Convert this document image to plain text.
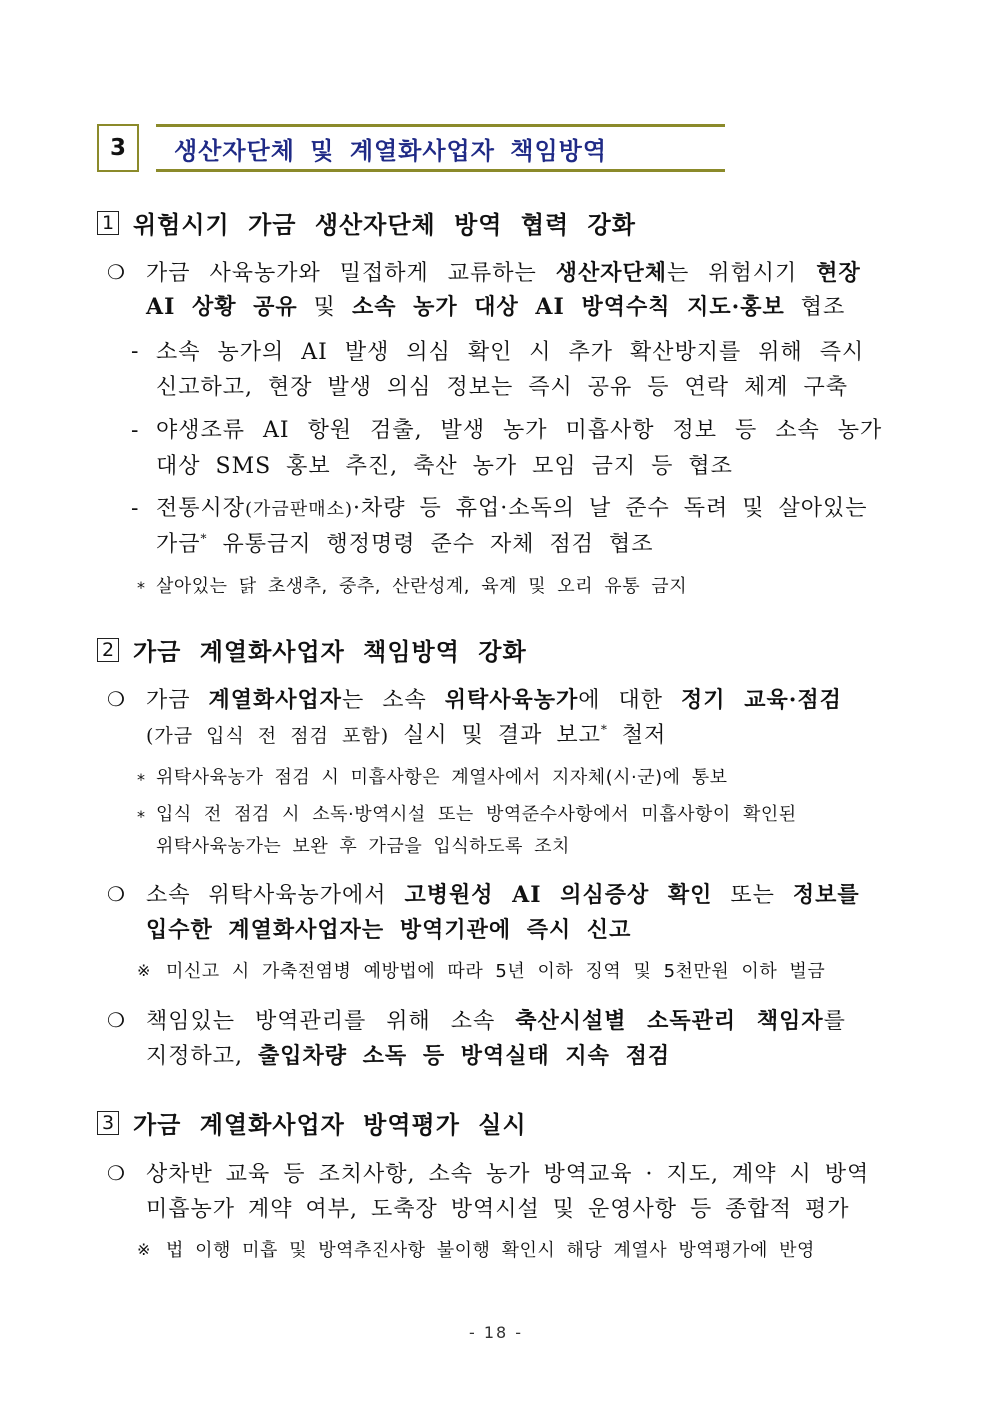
3	생산자단체 및 계열화사업자 책임방역
1 위험시기 가금 생산자단체 방역 협력 강화
❍ 가금 사육농가와 밀접하게 교류하는 생산자단체는 위험시기 현장
AI 상황 공유 및 소속 농가 대상 AI 방역수칙 지도·홍보 협조
- 소속 농가의 AI 발생 의심 확인 시 추가 확산방지를 위해 즉시
신고하고, 현장 발생 의심 정보는 즉시 공유 등 연락 체계 구축
- 야생조류 AI 항원 검출, 발생 농가 미흡사항 정보 등 소속 농가
대상 SMS 홍보 추진, 축산 농가 모임 금지 등 협조
- 전통시장(가금판매소)·차량 등 휴업·소독의 날 준수 독려 및 살아있는
가금* 유통금지 행정명령 준수 자체 점검 협조
* 살아있는 닭 초생추, 중추, 산란성계, 육계 및 오리 유통 금지
2 가금 계열화사업자 책임방역 강화
❍ 가금 계열화사업자는 소속 위탁사육농가에 대한 정기 교육·점검
(가금 입식 전 점검 포함) 실시 및 결과 보고* 철저
* 위탁사육농가 점검 시 미흡사항은 계열사에서 지자체(시·군)에 통보
* 입식 전 점검 시 소독·방역시설 또는 방역준수사항에서 미흡사항이 확인된
위탁사육농가는 보완 후 가금을 입식하도록 조치
❍ 소속 위탁사육농가에서 고병원성 AI 의심증상 확인 또는 정보를
입수한 계열화사업자는 방역기관에 즉시 신고
※ 미신고 시 가축전염병 예방법에 따라 5년 이하 징역 및 5천만원 이하 벌금
❍ 책임있는 방역관리를 위해 소속 축산시설별 소독관리 책임자를
지정하고, 출입차량 소독 등 방역실태 지속 점검
3 가금 계열화사업자 방역평가 실시
❍ 상차반 교육 등 조치사항, 소속 농가 방역교육 · 지도, 계약 시 방역
미흡농가 계약 여부, 도축장 방역시설 및 운영사항 등 종합적 평가
※ 법 이행 미흡 및 방역추진사항 불이행 확인시 해당 계열사 방역평가에 반영
- 18 -
